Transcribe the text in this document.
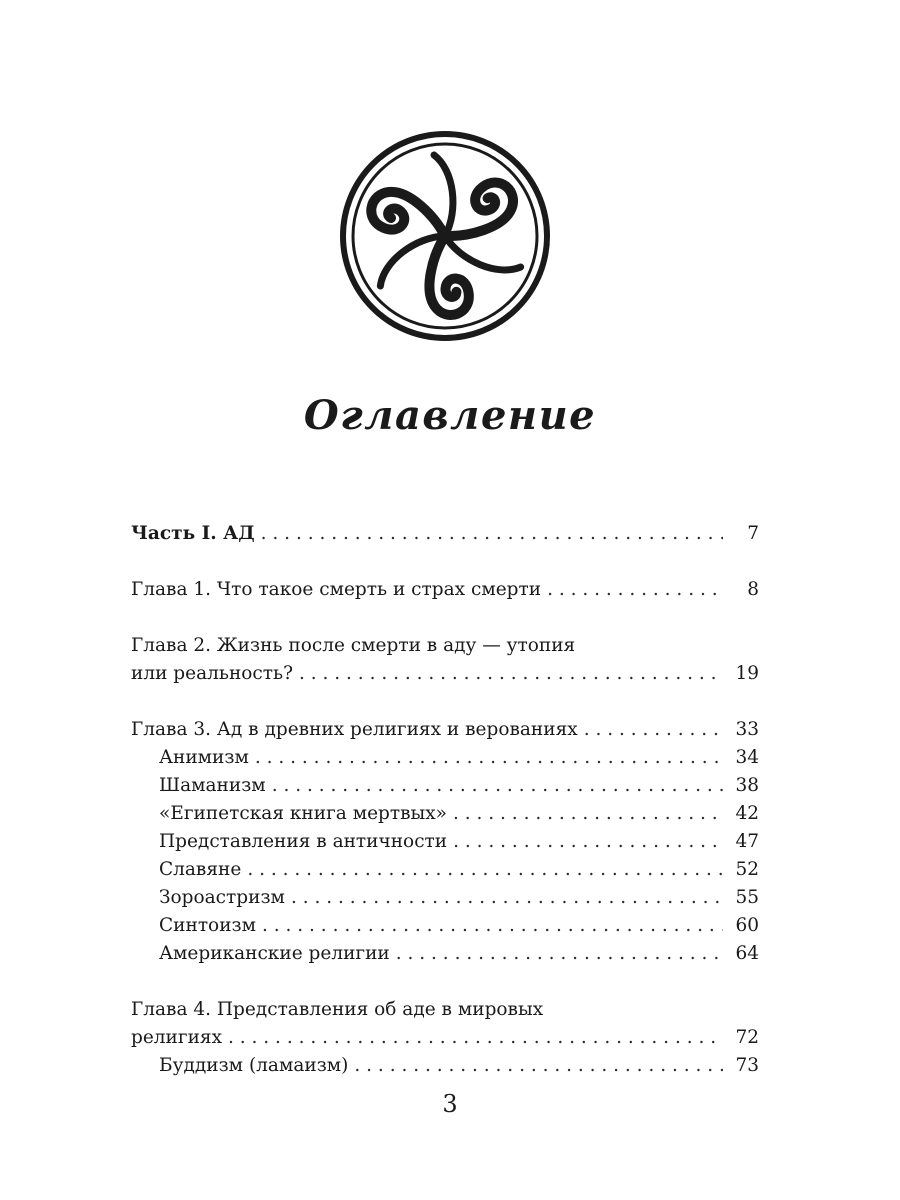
Оглавление
Часть I. АД . . .	7
Глава 1. Что такое смерть и страх смерти . . .	8
Глава 2. Жизнь после смерти в аду — утопия
или реальность? . . .	19
Глава 3. Ад в древних религиях и верованиях . . .	33
Анимизм . . .	34
Шаманизм . . .	38
«Египетская книга мертвых» . . .	42
Представления в античности . . .	47
Славяне . . .	52
Зороастризм . . .	55
Синтоизм . . .	60
Американские религии . . .	64
Глава 4. Представления об аде в мировых
религиях . . .	72
Буддизм (ламаизм) . . .	73
3
